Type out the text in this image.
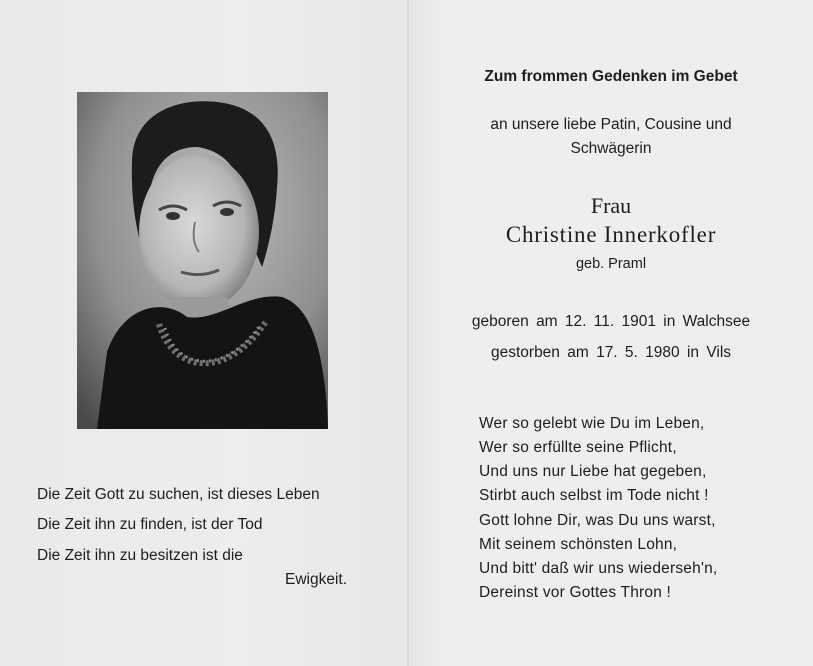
Die Zeit Gott zu suchen, ist dieses Leben
Die Zeit ihn zu finden, ist der Tod
Die Zeit ihn zu besitzen ist die
Ewigkeit.
Zum frommen Gedenken im Gebet
an unsere liebe Patin, Cousine und
Schwägerin
Frau
Christine Innerkofler
geb. Praml
geboren am 12. 11. 1901 in Walchsee
gestorben am 17. 5. 1980 in Vils
Wer so gelebt wie Du im Leben,
Wer so erfüllte seine Pflicht,
Und uns nur Liebe hat gegeben,
Stirbt auch selbst im Tode nicht !
Gott lohne Dir, was Du uns warst,
Mit seinem schönsten Lohn,
Und bitt' daß wir uns wiederseh'n,
Dereinst vor Gottes Thron !
